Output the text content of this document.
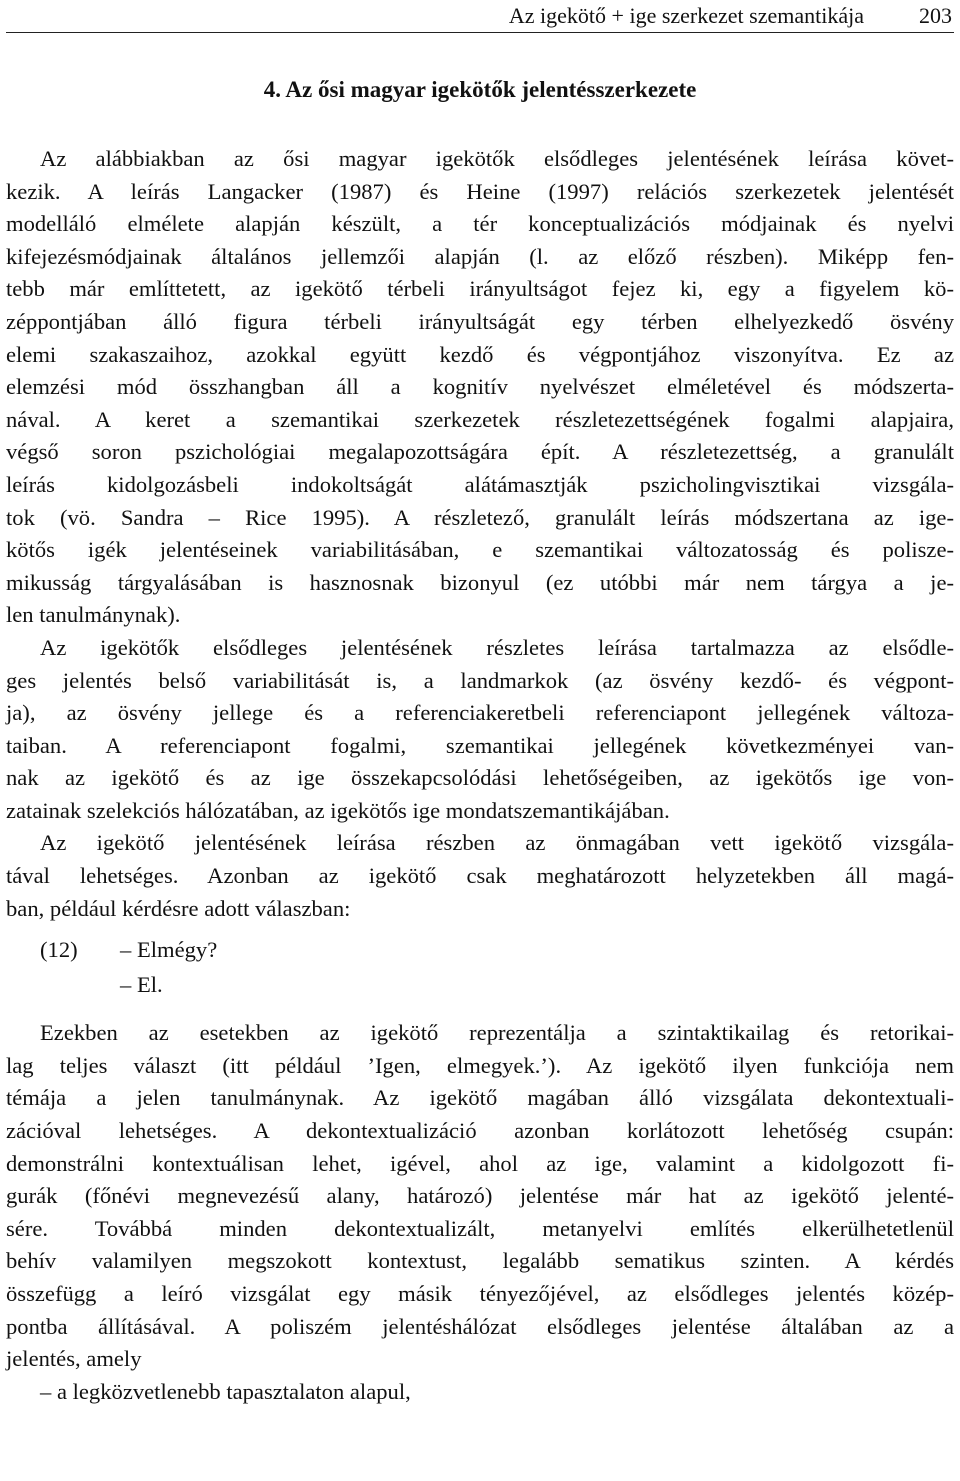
Az igekötő + ige szerkezet szemantikája	203
4. Az ősi magyar igekötők jelentésszerkezete
Az alábbiakban az ősi magyar igekötők elsődleges jelentésének leírása követ-
kezik. A leírás Langacker (1987) és Heine (1997) relációs szerkezetek jelentését
modelláló elmélete alapján készült, a tér konceptualizációs módjainak és nyelvi
kifejezésmódjainak általános jellemzői alapján (l. az előző részben). Miképp fen-
tebb már említtetett, az igekötő térbeli irányultságot fejez ki, egy a figyelem kö-
zéppontjában álló figura térbeli irányultságát egy térben elhelyezkedő ösvény
elemi szakaszaihoz, azokkal együtt kezdő és végpontjához viszonyítva. Ez az
elemzési mód összhangban áll a kognitív nyelvészet elméletével és módszerta-
nával. A keret a szemantikai szerkezetek részletezettségének fogalmi alapjaira,
végső soron pszichológiai megalapozottságára épít. A részletezettség, a granulált
leírás kidolgozásbeli indokoltságát alátámasztják pszicholingvisztikai vizsgála-
tok (vö. Sandra ‒ Rice 1995). A részletező, granulált leírás módszertana az ige-
kötős igék jelentéseinek variabilitásában, e szemantikai változatosság és polisze-
mikusság tárgyalásában is hasznosnak bizonyul (ez utóbbi már nem tárgya a je-
len tanulmánynak).
Az igekötők elsődleges jelentésének részletes leírása tartalmazza az elsődle-
ges jelentés belső variabilitását is, a landmarkok (az ösvény kezdő- és végpont-
ja), az ösvény jellege és a referenciakeretbeli referenciapont jellegének változa-
taiban. A referenciapont fogalmi, szemantikai jellegének következményei van-
nak az igekötő és az ige összekapcsolódási lehetőségeiben, az igekötős ige von-
zatainak szelekciós hálózatában, az igekötős ige mondatszemantikájában.
Az igekötő jelentésének leírása részben az önmagában vett igekötő vizsgála-
tával lehetséges. Azonban az igekötő csak meghatározott helyzetekben áll magá-
ban, például kérdésre adott válaszban:
(12) ‒ Elmégy?
‒ El.
Ezekben az esetekben az igekötő reprezentálja a szintaktikailag és retorikai-
lag teljes választ (itt például ’Igen, elmegyek.’). Az igekötő ilyen funkciója nem
témája a jelen tanulmánynak. Az igekötő magában álló vizsgálata dekontextuali-
zációval lehetséges. A dekontextualizáció azonban korlátozott lehetőség csupán:
demonstrálni kontextuálisan lehet, igével, ahol az ige, valamint a kidolgozott fi-
gurák (főnévi megnevezésű alany, határozó) jelentése már hat az igekötő jelenté-
sére. Továbbá minden dekontextualizált, metanyelvi említés elkerülhetetlenül
behív valamilyen megszokott kontextust, legalább sematikus szinten. A kérdés
összefügg a leíró vizsgálat egy másik tényezőjével, az elsődleges jelentés közép-
pontba állításával. A poliszém jelentéshálózat elsődleges jelentése általában az a
jelentés, amely
‒ a legközvetlenebb tapasztalaton alapul,
